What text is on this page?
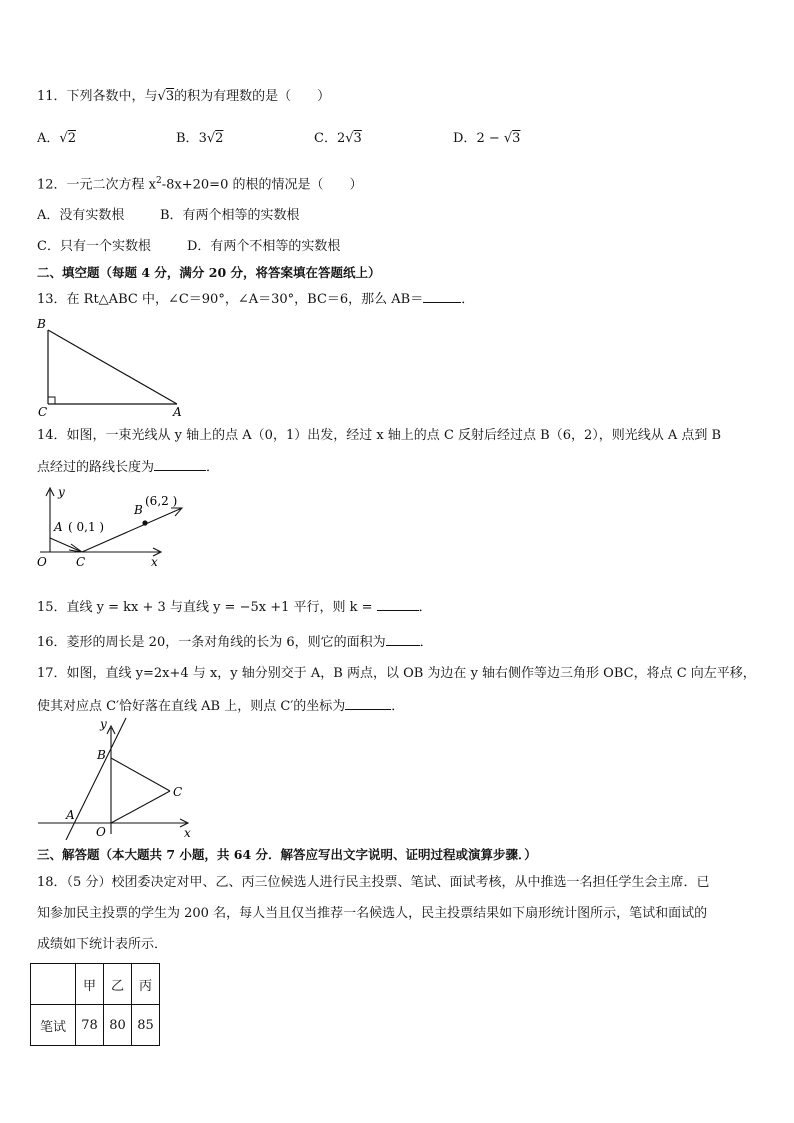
11．下列各数中，与√3的积为有理数的是（　　）
A．√2	B．3√2	C．2√3	D．2 − √3
12．一元二次方程 $x^2-8x+20=0$ 的根的情况是（　　）
A．没有实数根	B．有两个相等的实数根
C．只有一个实数根	D．有两个不相等的实数根
二、填空题（每题 4 分，满分 20 分，将答案填在答题纸上）
13．在 Rt△ABC 中，∠C＝90°，∠A＝30°，BC＝6，那么 AB＝	．
B
C	A
14．如图，一束光线从 y 轴上的点 A（0，1）出发，经过 x 轴上的点 C 反射后经过点 B（6，2），则光线从 A 点到 B
点经过的路线长度为	．
y
A ( 0,1 )
B
(6,2 )
O C	x
15．直线 y = kx + 3 与直线 y = −5x +1 平行，则 k =	．
16．菱形的周长是 20，一条对角线的长为 6，则它的面积为	．
17．如图，直线 y=2x+4 与 x，y 轴分别交于 A，B 两点，以 OB 为边在 y 轴右侧作等边三角形 OBC，将点 C 向左平移，
使其对应点 C′恰好落在直线 AB 上，则点 C′的坐标为	．
y
B
C
A
O	x
三、解答题（本大题共 7 小题，共 64 分．解答应写出文字说明、证明过程或演算步骤．）
18．（5 分）校团委决定对甲、乙、丙三位候选人进行民主投票、笔试、面试考核，从中推选一名担任学生会主席．已
知参加民主投票的学生为 200 名，每人当且仅当推荐一名候选人，民主投票结果如下扇形统计图所示，笔试和面试的
成绩如下统计表所示．
	甲	乙	丙
笔试	78	80	85
